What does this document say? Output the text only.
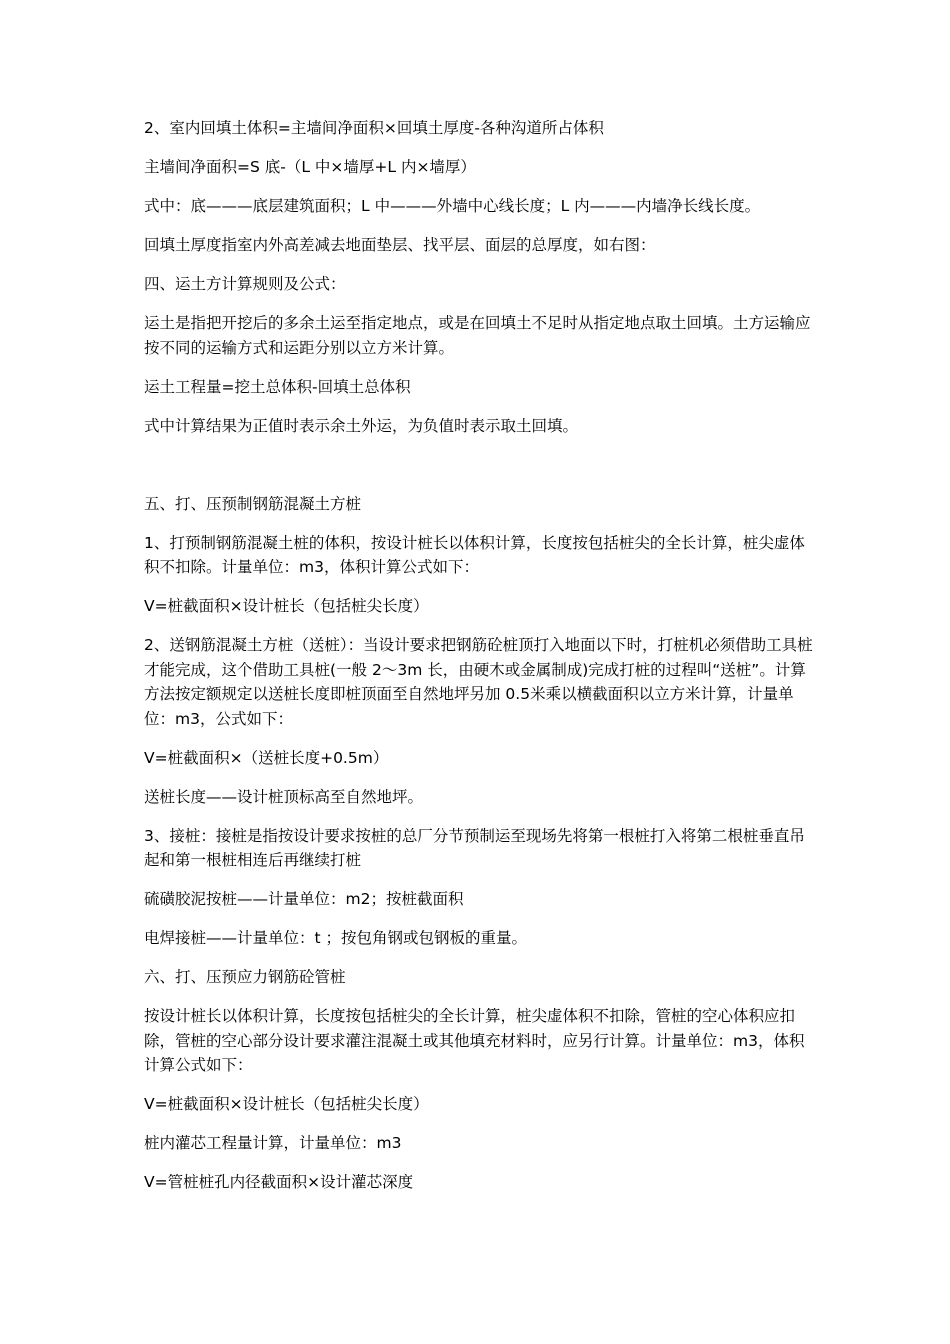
2、室内回填土体积=主墙间净面积×回填土厚度-各种沟道所占体积

主墙间净面积=S 底-（L 中×墙厚+L 内×墙厚）

式中：底———底层建筑面积；L 中———外墙中心线长度；L 内———内墙净长线长度。

回填土厚度指室内外高差减去地面垫层、找平层、面层的总厚度，如右图：

四、运土方计算规则及公式：

运土是指把开挖后的多余土运至指定地点，或是在回填土不足时从指定地点取土回填。土方运输应按不同的运输方式和运距分别以立方米计算。

运土工程量=挖土总体积-回填土总体积

式中计算结果为正值时表示余土外运，为负值时表示取土回填。

五、打、压预制钢筋混凝土方桩

1、打预制钢筋混凝土桩的体积，按设计桩长以体积计算，长度按包括桩尖的全长计算，桩尖虚体积不扣除。计量单位：m3，体积计算公式如下：

V=桩截面积×设计桩长（包括桩尖长度）

2、送钢筋混凝土方桩（送桩）：当设计要求把钢筋砼桩顶打入地面以下时，打桩机必须借助工具桩才能完成，这个借助工具桩(一般 2～3m 长，由硬木或金属制成)完成打桩的过程叫“送桩”。计算方法按定额规定以送桩长度即桩顶面至自然地坪另加 0.5米乘以横截面积以立方米计算，计量单位：m3，公式如下：

V=桩截面积×（送桩长度+0.5m）

送桩长度——设计桩顶标高至自然地坪。

3、接桩：接桩是指按设计要求按桩的总厂分节预制运至现场先将第一根桩打入将第二根桩垂直吊起和第一根桩相连后再继续打桩

硫磺胶泥按桩——计量单位：m2；按桩截面积

电焊接桩——计量单位：t ；按包角钢或包钢板的重量。

六、打、压预应力钢筋砼管桩

按设计桩长以体积计算，长度按包括桩尖的全长计算，桩尖虚体积不扣除，管桩的空心体积应扣除，管桩的空心部分设计要求灌注混凝土或其他填充材料时，应另行计算。计量单位：m3，体积计算公式如下：

V=桩截面积×设计桩长（包括桩尖长度）

桩内灌芯工程量计算，计量单位：m3

V=管桩桩孔内径截面积×设计灌芯深度
